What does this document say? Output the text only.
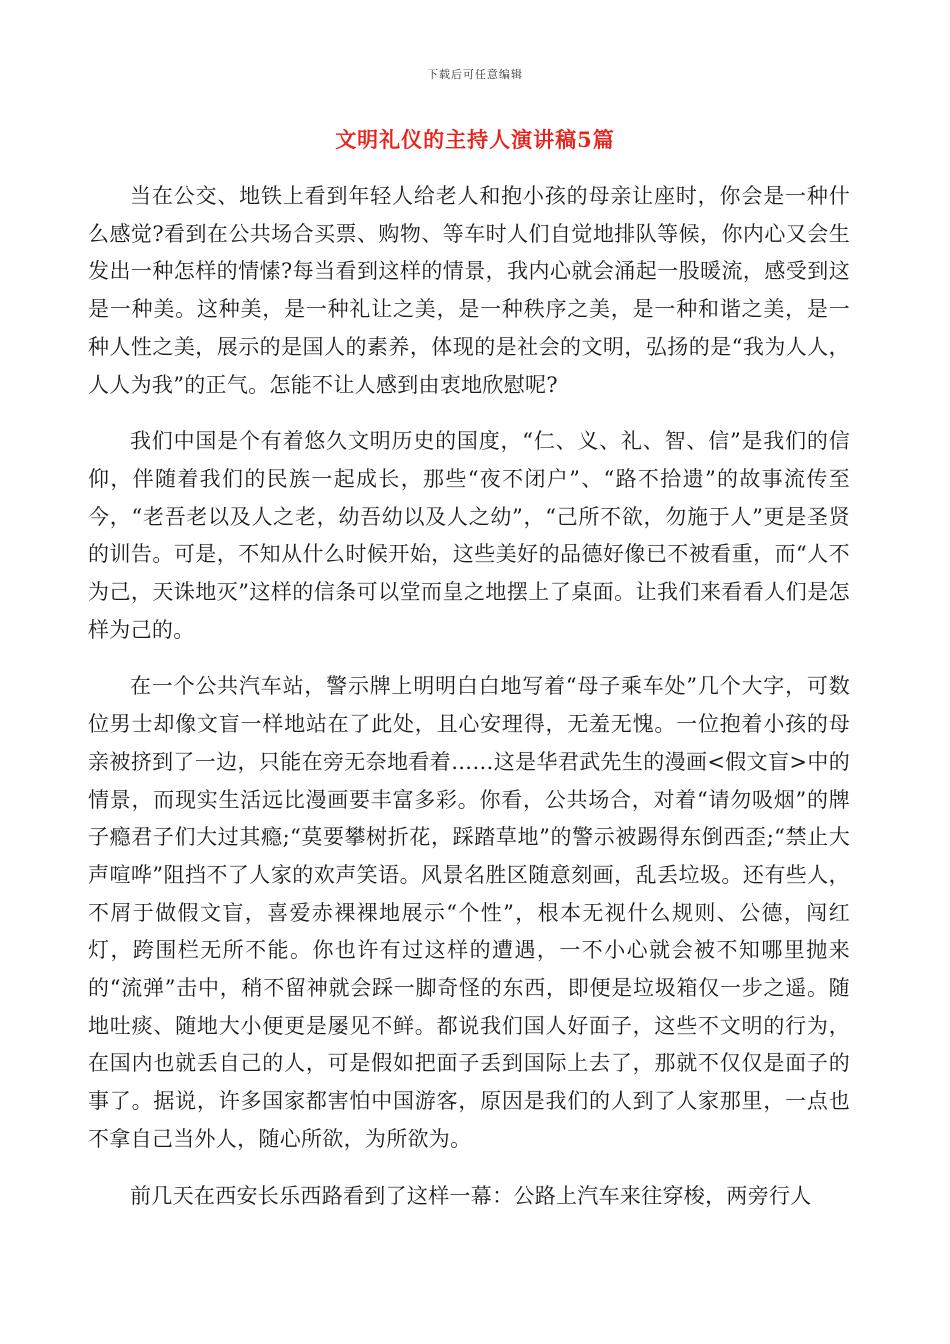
下载后可任意编辑
文明礼仪的主持人演讲稿5篇

当在公交、地铁上看到年轻人给老人和抱小孩的母亲让座时，你会是一种什么感觉?看到在公共场合买票、购物、等车时人们自觉地排队等候，你内心又会生发出一种怎样的情愫?每当看到这样的情景，我内心就会涌起一股暖流，感受到这是一种美。这种美，是一种礼让之美，是一种秩序之美，是一种和谐之美，是一种人性之美，展示的是国人的素养，体现的是社会的文明，弘扬的是“我为人人，人人为我”的正气。怎能不让人感到由衷地欣慰呢?

我们中国是个有着悠久文明历史的国度，“仁、义、礼、智、信”是我们的信仰，伴随着我们的民族一起成长，那些“夜不闭户”、“路不拾遗”的故事流传至今，“老吾老以及人之老，幼吾幼以及人之幼”，“己所不欲，勿施于人”更是圣贤的训告。可是，不知从什么时候开始，这些美好的品德好像已不被看重，而“人不为己，天诛地灭”这样的信条可以堂而皇之地摆上了桌面。让我们来看看人们是怎样为己的。

在一个公共汽车站，警示牌上明明白白地写着“母子乘车处”几个大字，可数位男士却像文盲一样地站在了此处，且心安理得，无羞无愧。一位抱着小孩的母亲被挤到了一边，只能在旁无奈地看着……这是华君武先生的漫画<假文盲>中的情景，而现实生活远比漫画要丰富多彩。你看，公共场合，对着“请勿吸烟”的牌子瘾君子们大过其瘾;“莫要攀树折花，踩踏草地”的警示被踢得东倒西歪;“禁止大声喧哗”阻挡不了人家的欢声笑语。风景名胜区随意刻画，乱丢垃圾。还有些人，不屑于做假文盲，喜爱赤裸裸地展示“个性”，根本无视什么规则、公德，闯红灯，跨围栏无所不能。你也许有过这样的遭遇，一不小心就会被不知哪里抛来的“流弹”击中，稍不留神就会踩一脚奇怪的东西，即便是垃圾箱仅一步之遥。随地吐痰、随地大小便更是屡见不鲜。都说我们国人好面子，这些不文明的行为，在国内也就丢自己的人，可是假如把面子丢到国际上去了，那就不仅仅是面子的事了。据说，许多国家都害怕中国游客，原因是我们的人到了人家那里，一点也不拿自己当外人，随心所欲，为所欲为。

前几天在西安长乐西路看到了这样一幕：公路上汽车来往穿梭，两旁行人
